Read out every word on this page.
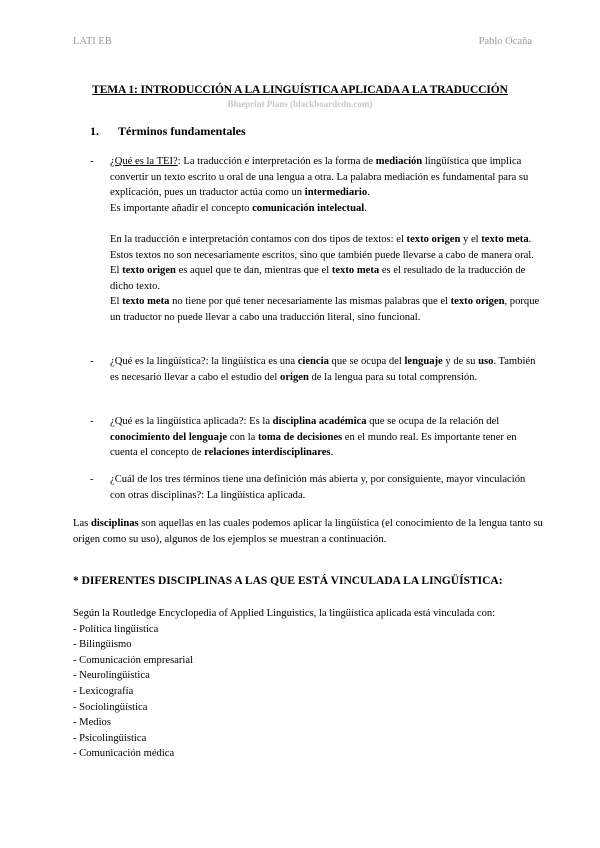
LATI EB	Pablo Ocaña
TEMA 1: INTRODUCCIÓN A LA LINGUÍSTICA APLICADA A LA TRADUCCIÓN
Blueprint Plans (blackboardcdn.com)
1. Términos fundamentales
- ¿Qué es la TEI?: La traducción e interpretación es la forma de mediación lingüística que implica convertir un texto escrito u oral de una lengua a otra. La palabra mediación es fundamental para su explicación, pues un traductor actúa como un intermediario.

Es importante añadir el concepto comunicación intelectual.

En la traducción e interpretación contamos con dos tipos de textos: el texto origen y el texto meta. Estos textos no son necesariamente escritos, sino que también puede llevarse a cabo de manera oral. El texto origen es aquel que te dan, mientras que el texto meta es el resultado de la traducción de dicho texto.

El texto meta no tiene por qué tener necesariamente las mismas palabras que el texto origen, porque un traductor no puede llevar a cabo una traducción literal, sino funcional.

- ¿Qué es la lingüística?: la lingüística es una ciencia que se ocupa del lenguaje y de su uso. También es necesario llevar a cabo el estudio del origen de la lengua para su total comprensión.

- ¿Qué es la lingüística aplicada?: Es la disciplina académica que se ocupa de la relación del conocimiento del lenguaje con la toma de decisiones en el mundo real. Es importante tener en cuenta el concepto de relaciones interdisciplinares.

- ¿Cuál de los tres términos tiene una definición más abierta y, por consiguiente, mayor vinculación con otras disciplinas?: La lingüística aplicada.

Las disciplinas son aquellas en las cuales podemos aplicar la lingüística (el conocimiento de la lengua tanto su origen como su uso), algunos de los ejemplos se muestran a continuación.
* DIFERENTES DISCIPLINAS A LAS QUE ESTÁ VINCULADA LA LINGÜÍSTICA:

Según la Routledge Encyclopedia of Applied Linguistics, la lingüística aplicada está vinculada con:

- Política lingüística
- Bilingüismo
- Comunicación empresarial
- Neurolingüística
- Lexicografía
- Sociolingüística
- Medios
- Psicolingüística
- Comunicación médica
